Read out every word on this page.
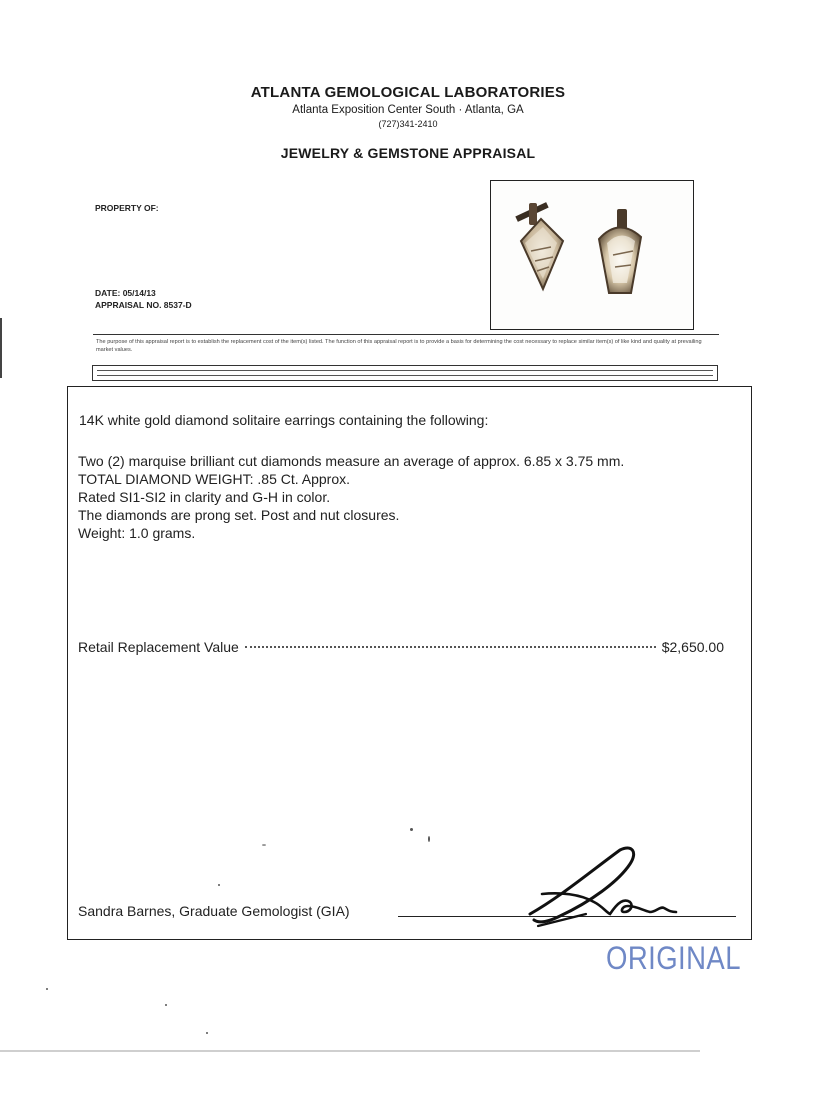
ATLANTA GEMOLOGICAL LABORATORIES
Atlanta Exposition Center South · Atlanta, GA
(727)341-2410
JEWELRY & GEMSTONE APPRAISAL
PROPERTY OF:
DATE: 05/14/13
APPRAISAL NO. 8537-D
The purpose of this appraisal report is to establish the replacement cost of the item(s) listed. The function of this appraisal report is to provide a basis for determining the cost necessary to replace similar item(s) of like kind and quality at prevailing market values.
14K white gold diamond solitaire earrings containing the following:
Two (2) marquise brilliant cut diamonds measure an average of approx. 6.85 x 3.75 mm.
TOTAL DIAMOND WEIGHT: .85 Ct. Approx.
Rated SI1-SI2 in clarity and G-H in color.
The diamonds are prong set. Post and nut closures.
Weight: 1.0 grams.
Retail Replacement Value	$2,650.00
Sandra Barnes, Graduate Gemologist (GIA)
ORIGINAL
